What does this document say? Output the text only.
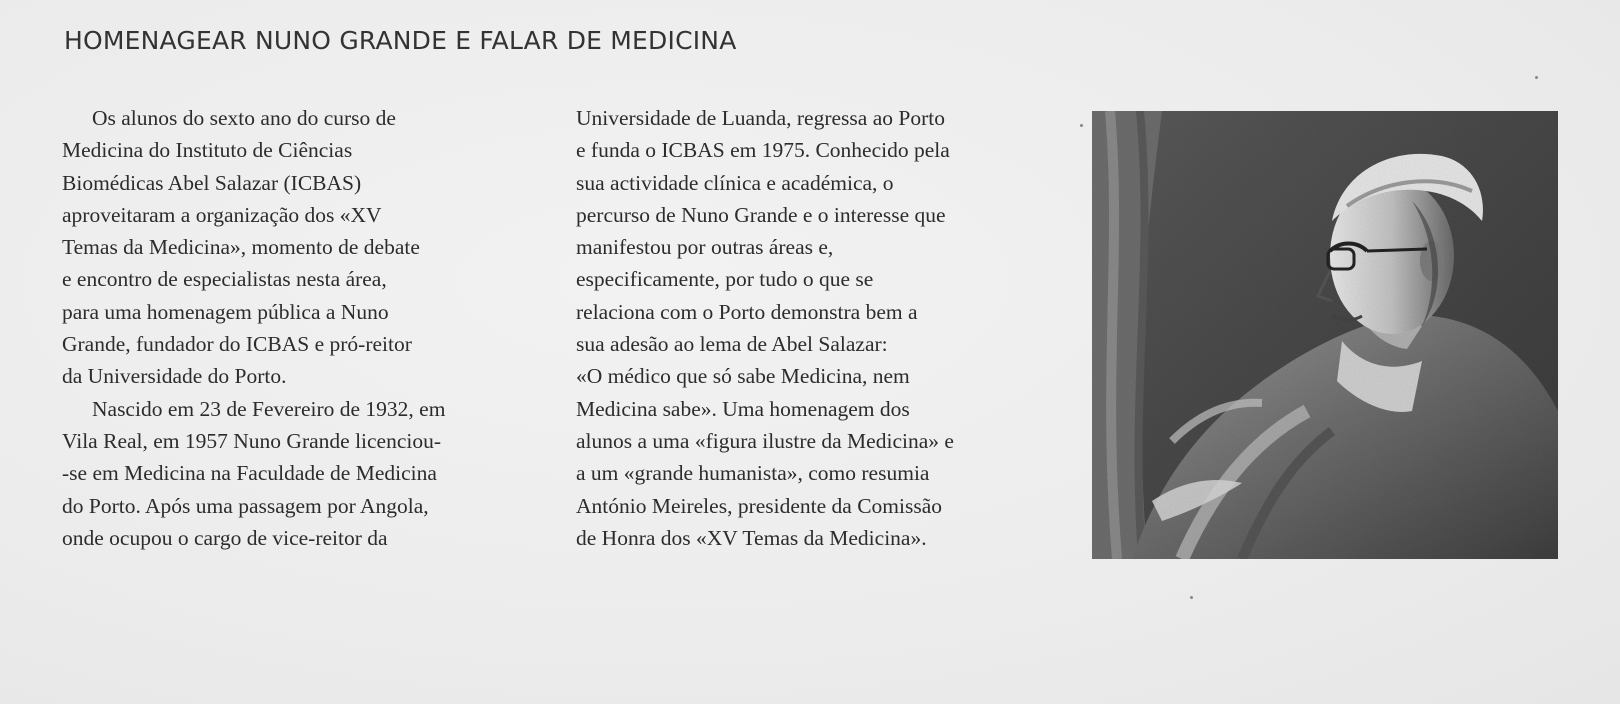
HOMENAGEAR NUNO GRANDE E FALAR DE MEDICINA
Os alunos do sexto ano do curso de
Medicina do Instituto de Ciências
Biomédicas Abel Salazar (ICBAS)
aproveitaram a organização dos «XV
Temas da Medicina», momento de debate
e encontro de especialistas nesta área,
para uma homenagem pública a Nuno
Grande, fundador do ICBAS e pró-reitor
da Universidade do Porto.
Nascido em 23 de Fevereiro de 1932, em
Vila Real, em 1957 Nuno Grande licenciou-
-se em Medicina na Faculdade de Medicina
do Porto. Após uma passagem por Angola,
onde ocupou o cargo de vice-reitor da
Universidade de Luanda, regressa ao Porto
e funda o ICBAS em 1975. Conhecido pela
sua actividade clínica e académica, o
percurso de Nuno Grande e o interesse que
manifestou por outras áreas e,
especificamente, por tudo o que se
relaciona com o Porto demonstra bem a
sua adesão ao lema de Abel Salazar:
«O médico que só sabe Medicina, nem
Medicina sabe». Uma homenagem dos
alunos a uma «figura ilustre da Medicina» e
a um «grande humanista», como resumia
António Meireles, presidente da Comissão
de Honra dos «XV Temas da Medicina».
